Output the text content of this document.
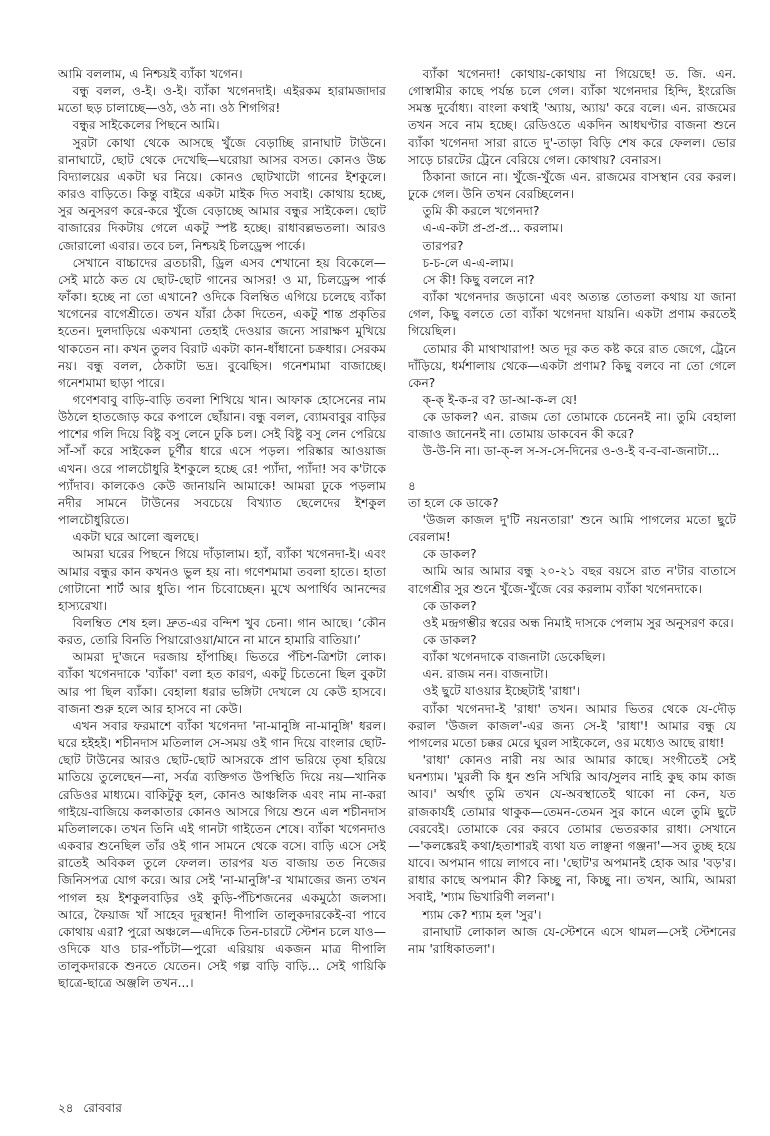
আমি বললাম, এ নিশ্চয়ই ব্যাঁকা খগেন।

বন্ধু বলল, ও-ই। ও-ই। ব্যাঁকা খগেনদাই। এইরকম হারামজাদার মতো ছড় চালাচ্ছে—ওঠ, ওঠ না। ওঠ শিগগির!

বন্ধুর সাইকেলের পিছনে আমি।

সুরটা কোথা থেকে আসছে খুঁজে বেড়াচ্ছি রানাঘাট টাউনে। রানাঘাটে, ছোট থেকে দেখেছি—ঘরোয়া আসর বসত। কোনও উচ্চ বিদ্যালয়ের একটা ঘর নিয়ে। কোনও ছোটখাটো গানের ইশকুলে। কারও বাড়িতে। কিন্তু বাইরে একটা মাইক দিত সবাই। কোথায় হচ্ছে, সুর অনুসরণ করে-করে খুঁজে বেড়াচ্ছে আমার বন্ধুর সাইকেল। ছোট বাজারের দিকটায় গেলে একটু স্পষ্ট হচ্ছে। রাধাবল্লভতলা। আরও জোরালো এবার। তবে চল, নিশ্চয়ই চিলড্রেন্স পার্কে।

সেখানে বাচ্চাদের ব্রতচারী, ড্রিল এসব শেখানো হয় বিকেলে—সেই মাঠে কত যে ছোট-ছোট গানের আসর! ও মা, চিলড্রেন্স পার্ক ফাঁকা। হচ্ছে না তো এখানে? ওদিকে বিলম্বিত এগিয়ে চলেছে ব্যাঁকা খগেনের বাগেশ্রীতে। তখন যাঁরা ঠেকা দিতেন, একটু শান্ত প্রকৃতির হতেন। দুলদাড়িয়ে একখানা তেহাই দেওয়ার জন্যে সারাক্ষণ মুখিয়ে থাকতেন না। কখন তুলব বিরাট একটা কান-ধাঁধানো চক্রধার। সেরকম নয়। বন্ধু বলল, ঠেকাটা ভদ্র। বুঝেছিস। গনেশমামা বাজাচ্ছে। গনেশমামা ছাড়া পারে।

গণেশবাবু বাড়ি-বাড়ি তবলা শিখিয়ে খান। আফাক হোসেনের নাম উঠলে হাতজোড় করে কপালে ছোঁয়ান। বন্ধু বলল, ব্যোমবাবুর বাড়ির পাশের গলি দিয়ে বিষ্টু বসু লেনে ঢুকি চল। সেই বিষ্টু বসু লেন পেরিয়ে সাঁ-সাঁ করে সাইকেল চূর্ণীর ধারে এসে পড়ল। পরিষ্কার আওয়াজ এখন। ওরে পালচৌধুরি ইশকুলে হচ্ছে রে! প্যাঁদা, প্যাঁদা! সব ক'টাকে প্যাঁদাব। কালকেও কেউ জানায়নি আমাকে! আমরা ঢুকে পড়লাম নদীর সামনে টাউনের সবচেয়ে বিখ্যাত ছেলেদের ইশকুল পালচৌধুরিতে।

একটা ঘরে আলো জ্বলছে।

আমরা ঘরের পিছনে গিয়ে দাঁড়ালাম। হ্যাঁ, ব্যাঁকা খগেনদা-ই। এবং আমার বন্ধুর কান কখনও ভুল হয় না। গণেশমামা তবলা হাতে। হাতা গোটানো শার্ট আর ধুতি। পান চিবোচ্ছেন। মুখে অপার্থিব আনন্দের হাস্যরেখা।

বিলম্বিত শেষ হল। দ্রুত-এর বন্দিশ খুব চেনা। গান আছে। ‘কৌন করত, তোরি বিনতি পিয়ারোওয়া/মানে না মানে হামারি বাতিয়া।’

আমরা দু'জনে দরজায় হাঁপাচ্ছি। ভিতরে পঁচিশ-ত্রিশটা লোক। ব্যাঁকা খগেনদাকে 'ব্যাঁকা' বলা হত কারণ, একটু চিতেনো ছিল বুকটা আর পা ছিল ব্যাঁকা। বেহালা ধরার ভঙ্গিটা দেখলে যে কেউ হাসবে। বাজনা শুরু হলে আর হাসবে না কেউ।

এখন সবার ফরমাশে ব্যাঁকা খগেনদা 'না-মানুঙ্গি না-মানুঙ্গি' ধরল। ঘরে হইহই। শচীনদাস মতিলাল সে-সময় ওই গান দিয়ে বাংলার ছোট-ছোট টাউনের আরও ছোট-ছোট আসরকে প্রাণ ভরিয়ে তৃষা হরিয়ে মাতিয়ে তুলেছেন—না, সর্বত্র ব্যক্তিগত উপস্থিতি দিয়ে নয়—খানিক রেডিওর মাধ্যমে। বাকিটুকু হল, কোনও আঞ্চলিক এবং নাম না-করা গাইয়ে-বাজিয়ে কলকাতার কোনও আসরে গিয়ে শুনে এল শচীনদাস মতিলালকে। তখন তিনি এই গানটা গাইতেন শেষে। ব্যাঁকা খগেনদাও একবার শুনেছিল তাঁর ওই গান সামনে থেকে বসে। বাড়ি এসে সেই রাতেই অবিকল তুলে ফেলল। তারপর যত বাজায় তত নিজের জিনিসপত্র যোগ করে। আর সেই 'না-মানুঙ্গি'-র খামাজের জন্য তখন পাগল হয় ইশকুলবাড়ির ওই কুড়ি-পঁচিশজনের একমুঠো জলসা। আরে, ফৈয়াজ খাঁ সাহেব দূরস্থান! দীপালি তালুকদারকেই-বা পাবে কোথায় এরা? পুরো অঞ্চলে—এদিকে তিন-চারটে স্টেশন চলে যাও—ওদিকে যাও চার-পাঁচটা—পুরো এরিয়ায় একজন মাত্র দীপালি তালুকদারকে শুনতে যেতেন। সেই গল্প বাড়ি বাড়ি... সেই গায়িকি ছাত্রে-ছাত্রে অঞ্জলি তখন...।

ব্যাঁকা খগেনদা! কোথায়-কোথায় না গিয়েছে! ড. জি. এন. গোস্বামীর কাছে পর্যন্ত চলে গেল। ব্যাঁকা খগেনদার হিন্দি, ইংরেজি সমস্ত দুর্বোধ্য। বাংলা কথাই 'অ্যায়, অ্যায়' করে বলে। এন. রাজমের তখন সবে নাম হচ্ছে। রেডিওতে একদিন আধঘণ্টার বাজনা শুনে ব্যাঁকা খগেনদা সারা রাতে দু'-তাড়া বিড়ি শেষ করে ফেলল। ভোর সাড়ে চারটের ট্রেনে বেরিয়ে গেল। কোথায়? বেনারস।

ঠিকানা জানে না। খুঁজে-খুঁজে এন. রাজমের বাসস্থান বের করল। ঢুকে গেল। উনি তখন বেরচ্ছিলেন।

তুমি কী করলে খগেনদা?

এ-এ-কটা প্র-প্র-প্র... করলাম।

তারপর?

চ-চ-লে এ-এ-লাম।

সে কী! কিছু বললে না?

ব্যাঁকা খগেনদার জড়ানো এবং অত্যন্ত তোতলা কথায় যা জানা গেল, কিছু বলতে তো ব্যাঁকা খগেনদা যায়নি। একটা প্রণাম করতেই গিয়েছিল।

তোমার কী মাথাখারাপ! অত দূর কত কষ্ট করে রাত জেগে, ট্রেনে দাঁড়িয়ে, ধর্মশালায় থেকে—একটা প্রণাম? কিছু বলবে না তো গেলে কেন?

ক্‌-ক্‌ ই-ক-র ব? ডা-আ-ক-ল যে!

কে ডাকল? এন. রাজম তো তোমাকে চেনেনই না। তুমি বেহালা বাজাও জানেনই না। তোমায় ডাকবেন কী করে?

উ-উ-নি না। ডা-ক্‌-ল স-স-সে-দিনের ও-ও-ই ব-ব-বা-জনাটা...

৪

তা হলে কে ডাকে?

'উজল কাজল দু'টি নয়নতারা' শুনে আমি পাগলের মতো ছুটে বেরলাম!

কে ডাকল?

আমি আর আমার বন্ধু ২০-২১ বছর বয়সে রাত ন'টার বাতাসে বাগেশ্রীর সুর শুনে খুঁজে-খুঁজে বের করলাম ব্যাঁকা খগেনদাকে।

কে ডাকল?

ওই মন্দ্রগম্ভীর স্বরের অন্ধ নিমাই দাসকে পেলাম সুর অনুসরণ করে।

কে ডাকল?

ব্যাঁকা খগেনদাকে বাজনাটা ডেকেছিল।

এন. রাজম নন। বাজনাটা।

ওই ছুটে যাওয়ার ইচ্ছেটাই 'রাধা'।

ব্যাঁকা খগেনদা-ই 'রাধা' তখন। আমার ভিতর থেকে যে-দৌড় করাল 'উজল কাজল'-এর জন্য সে-ই 'রাধা'! আমার বন্ধু যে পাগলের মতো চক্কর মেরে ঘুরল সাইকেলে, ওর মধ্যেও আছে রাধা!

'রাধা' কোনও নারী নয় আর আমার কাছে। সংগীতেই সেই ঘনশ্যাম। 'মুরলী কি ধুন শুনি সখিরি আব/সুলব নাহি কুছ কাম কাজ আব।' অর্থাৎ তুমি তখন যে-অবস্থাতেই থাকো না কেন, যত রাজকার্যই তোমার থাকুক—তেমন-তেমন সুর কানে এলে তুমি ছুটে বেরবেই। তোমাকে বের করবে তোমার ভেতরকার রাধা। সেখানে—'কলঙ্কেরই কথা/হতাশারই ব্যথা যত লাঞ্ছনা গঞ্জনা'—সব তুচ্ছ হয়ে যাবে। অপমান গায়ে লাগবে না। 'ছোট'র অপমানই হোক আর 'বড়'র। রাধার কাছে অপমান কী? কিচ্ছু না, কিচ্ছু না। তখন, আমি, আমরা সবাই, 'শ্যাম ভিখারিণী ললনা'।

শ্যাম কে? শ্যাম হল 'সুর'।

রানাঘাট লোকাল আজ যে-স্টেশনে এসে থামল—সেই স্টেশনের নাম 'রাধিকাতলা'।

২৪ রোববার
